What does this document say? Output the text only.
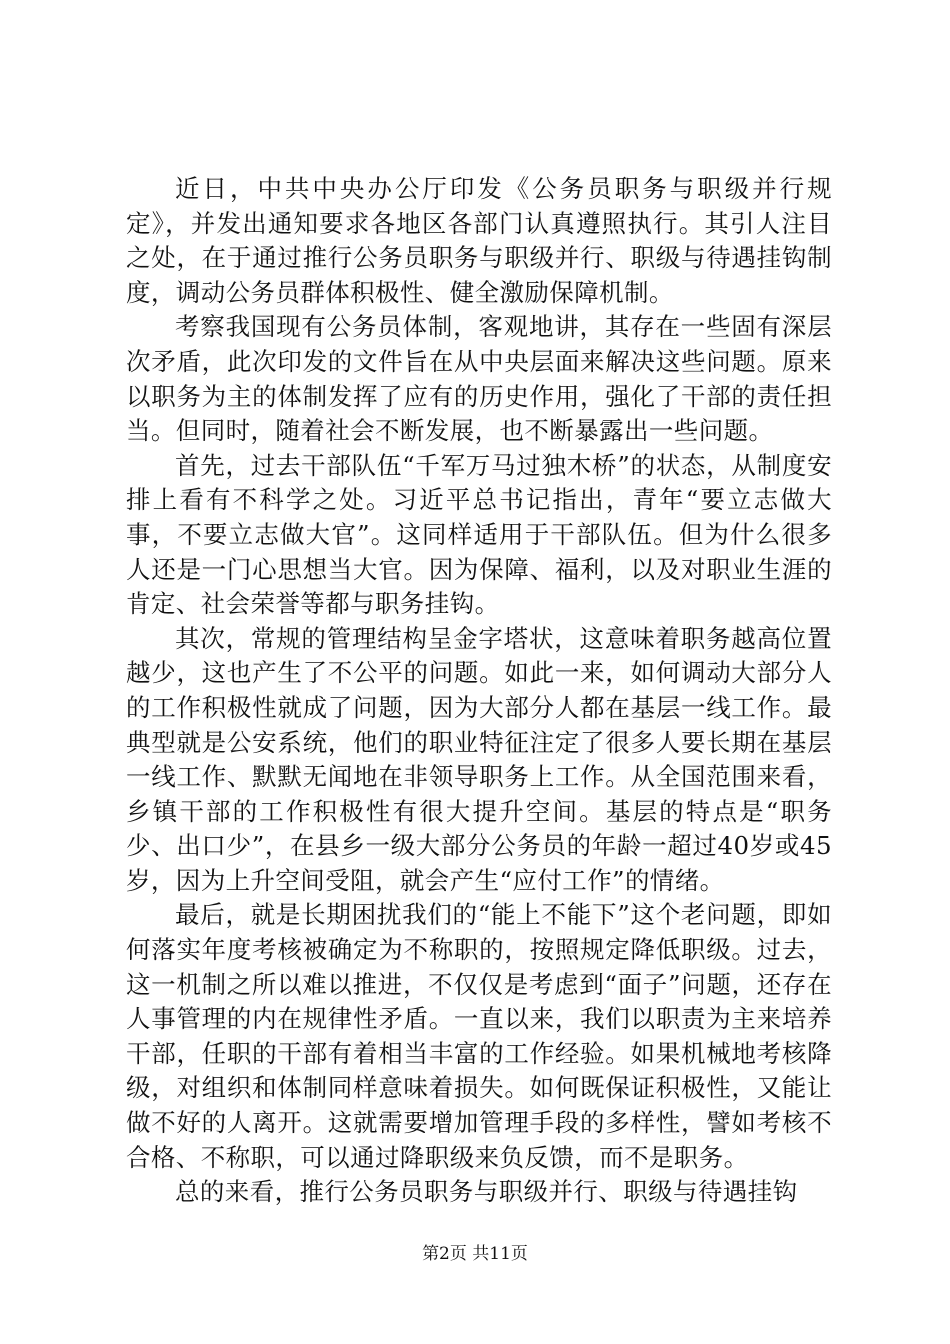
近日，中共中央办公厅印发《公务员职务与职级并行规定》，并发出通知要求各地区各部门认真遵照执行。其引人注目之处，在于通过推行公务员职务与职级并行、职级与待遇挂钩制度，调动公务员群体积极性、健全激励保障机制。

考察我国现有公务员体制，客观地讲，其存在一些固有深层次矛盾，此次印发的文件旨在从中央层面来解决这些问题。原来以职务为主的体制发挥了应有的历史作用，强化了干部的责任担当。但同时，随着社会不断发展，也不断暴露出一些问题。

首先，过去干部队伍“千军万马过独木桥”的状态，从制度安排上看有不科学之处。习近平总书记指出，青年“要立志做大事，不要立志做大官”。这同样适用于干部队伍。但为什么很多人还是一门心思想当大官。因为保障、福利，以及对职业生涯的肯定、社会荣誉等都与职务挂钩。

其次，常规的管理结构呈金字塔状，这意味着职务越高位置越少，这也产生了不公平的问题。如此一来，如何调动大部分人的工作积极性就成了问题，因为大部分人都在基层一线工作。最典型就是公安系统，他们的职业特征注定了很多人要长期在基层一线工作、默默无闻地在非领导职务上工作。从全国范围来看，乡镇干部的工作积极性有很大提升空间。基层的特点是“职务少、出口少”，在县乡一级大部分公务员的年龄一超过40岁或45岁，因为上升空间受阻，就会产生“应付工作”的情绪。

最后，就是长期困扰我们的“能上不能下”这个老问题，即如何落实年度考核被确定为不称职的，按照规定降低职级。过去，这一机制之所以难以推进，不仅仅是考虑到“面子”问题，还存在人事管理的内在规律性矛盾。一直以来，我们以职责为主来培养干部，任职的干部有着相当丰富的工作经验。如果机械地考核降级，对组织和体制同样意味着损失。如何既保证积极性，又能让做不好的人离开。这就需要增加管理手段的多样性，譬如考核不合格、不称职，可以通过降职级来负反馈，而不是职务。

总的来看，推行公务员职务与职级并行、职级与待遇挂钩

第2页 共11页
